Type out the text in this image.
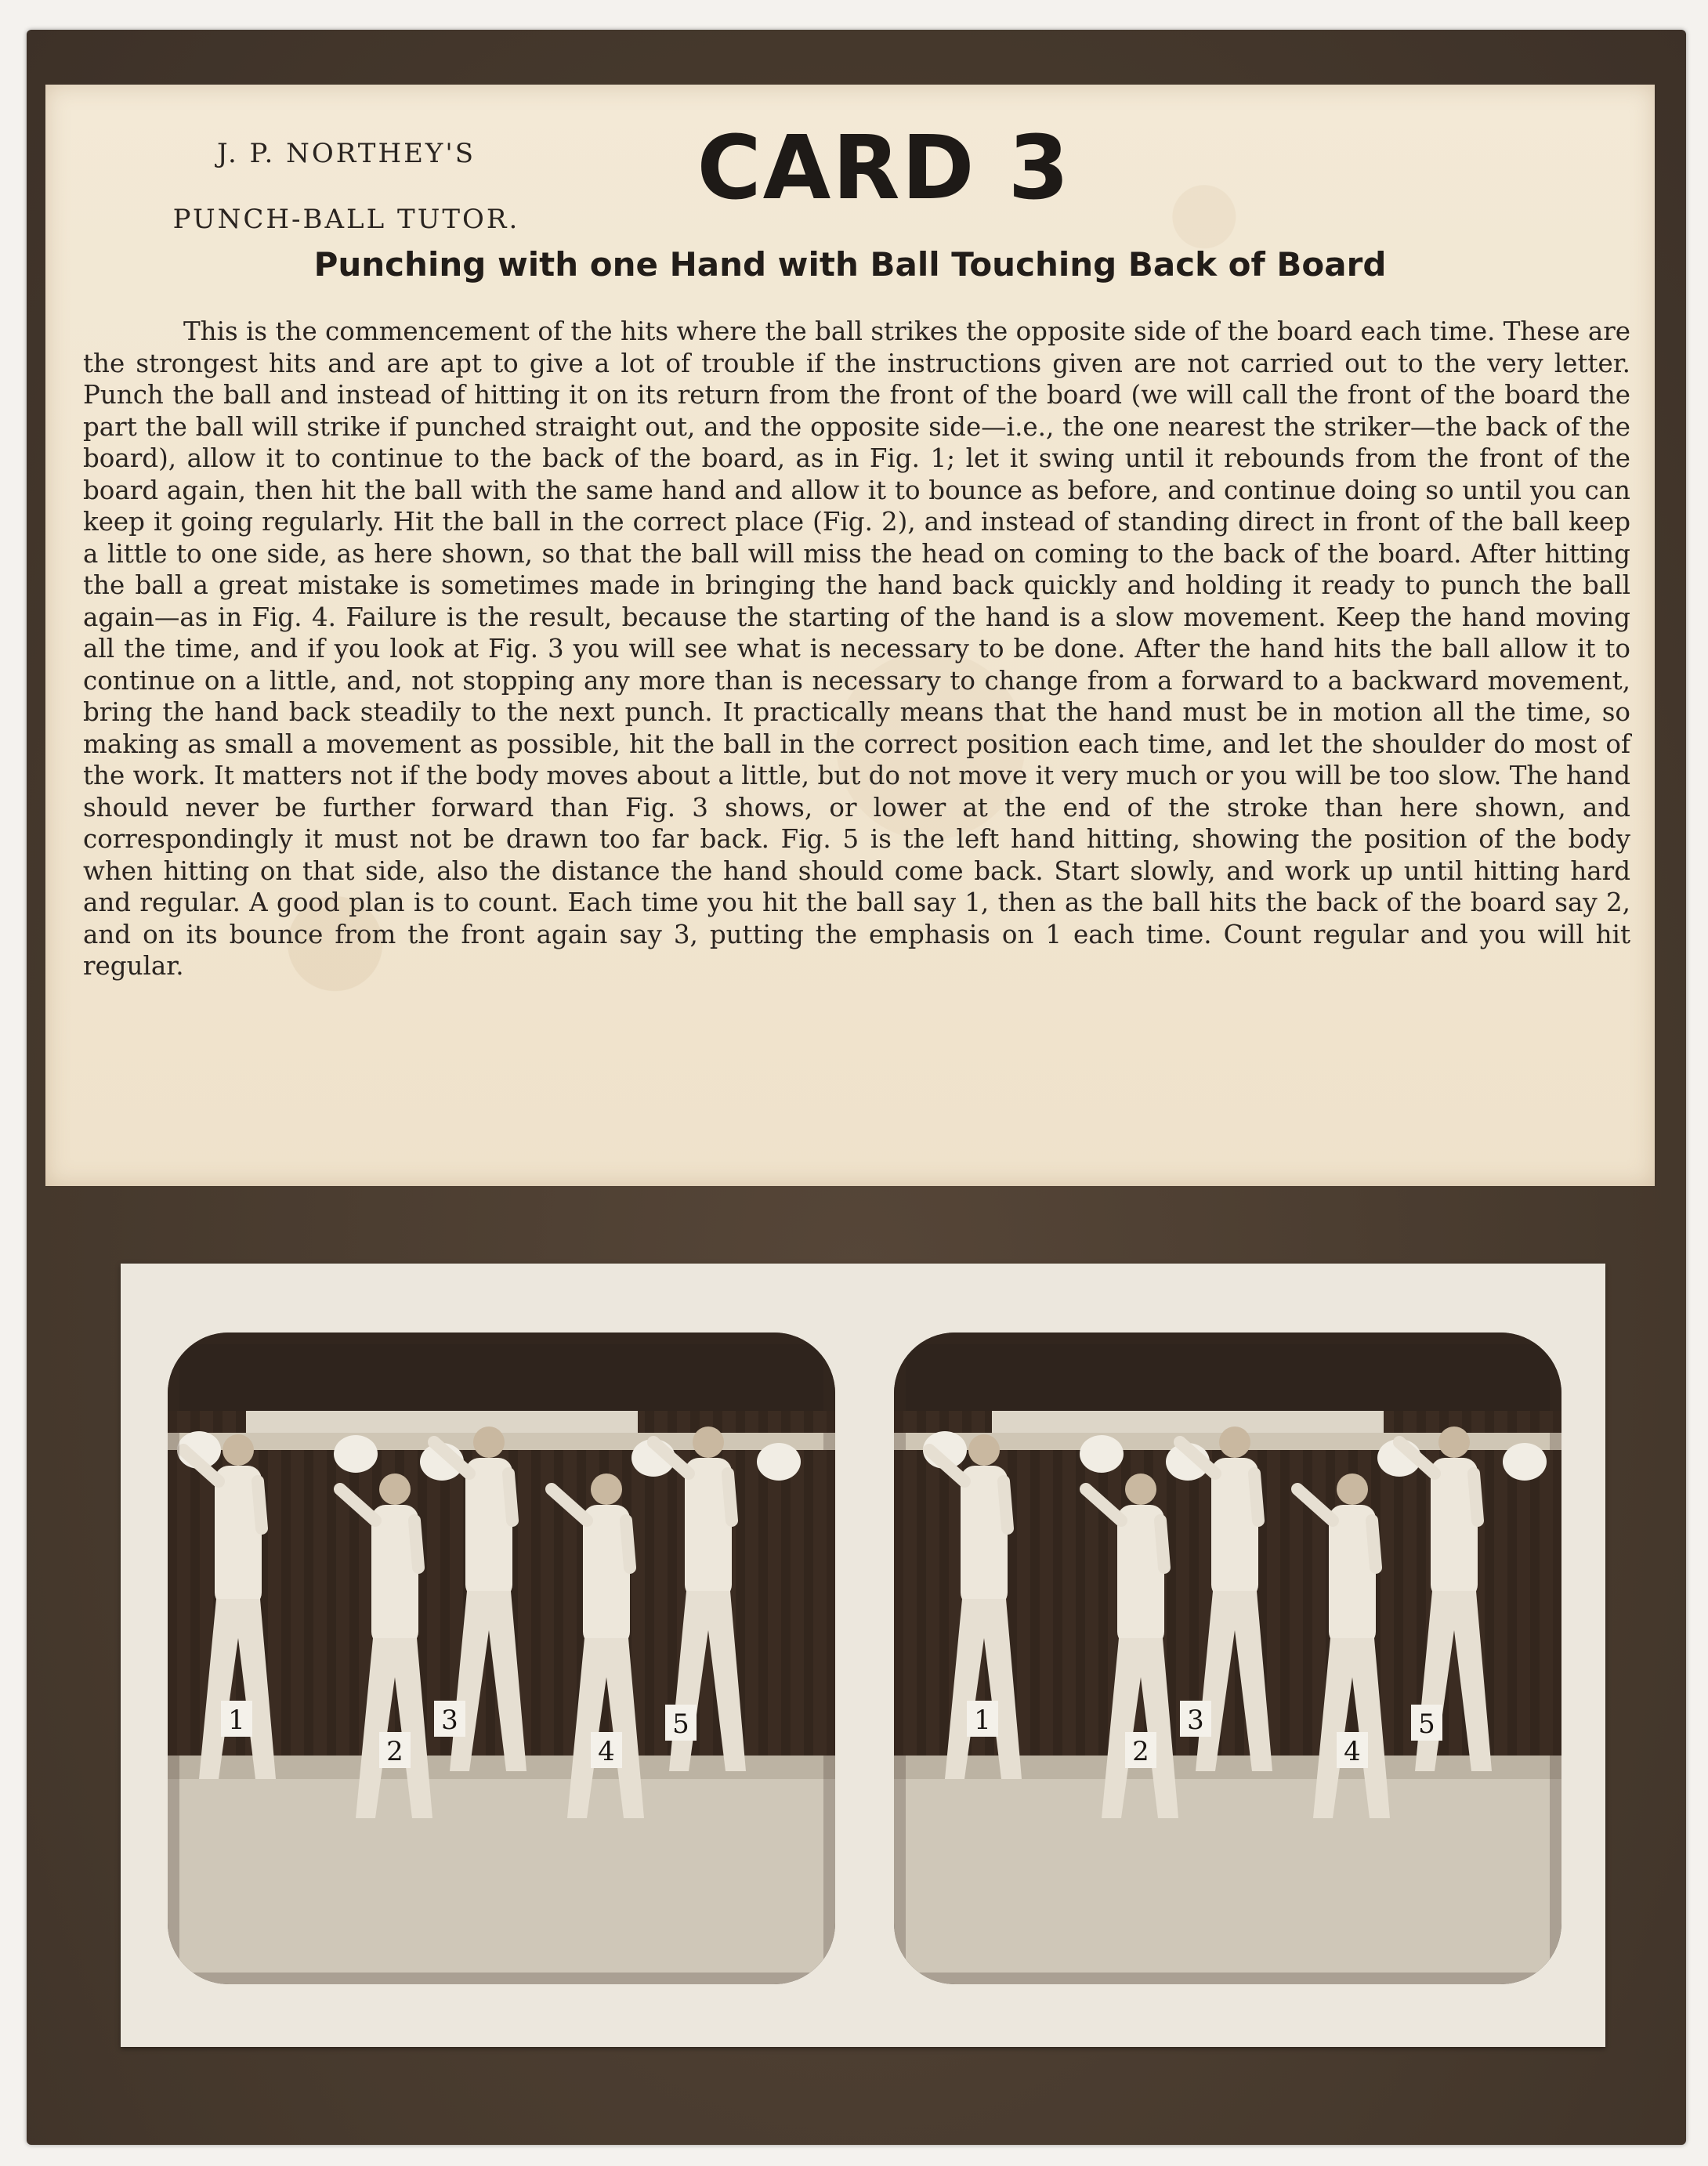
J. P. NORTHEY'S
PUNCH-BALL TUTOR.	CARD 3
Punching with one Hand with Ball Touching Back of Board

This is the commencement of the hits where the ball strikes the opposite side of the board each time. These are the strongest hits and are apt to give a lot of trouble if the instructions given are not carried out to the very letter. Punch the ball and instead of hitting it on its return from the front of the board (we will call the front of the board the part the ball will strike if punched straight out, and the opposite side—i.e., the one nearest the striker—the back of the board), allow it to continue to the back of the board, as in Fig. 1; let it swing until it rebounds from the front of the board again, then hit the ball with the same hand and allow it to bounce as before, and continue doing so until you can keep it going regularly. Hit the ball in the correct place (Fig. 2), and instead of standing direct in front of the ball keep a little to one side, as here shown, so that the ball will miss the head on coming to the back of the board. After hitting the ball a great mistake is sometimes made in bringing the hand back quickly and holding it ready to punch the ball again—as in Fig. 4. Failure is the result, because the starting of the hand is a slow movement. Keep the hand moving all the time, and if you look at Fig. 3 you will see what is necessary to be done. After the hand hits the ball allow it to continue on a little, and, not stopping any more than is necessary to change from a forward to a backward movement, bring the hand back steadily to the next punch. It practically means that the hand must be in motion all the time, so making as small a movement as possible, hit the ball in the correct position each time, and let the shoulder do most of the work. It matters not if the body moves about a little, but do not move it very much or you will be too slow. The hand should never be further forward than Fig. 3 shows, or lower at the end of the stroke than here shown, and correspondingly it must not be drawn too far back. Fig. 5 is the left hand hitting, showing the position of the body when hitting on that side, also the distance the hand should come back. Start slowly, and work up until hitting hard and regular. A good plan is to count. Each time you hit the ball say 1, then as the ball hits the back of the board say 2, and on its bounce from the front again say 3, putting the emphasis on 1 each time. Count regular and you will hit regular.

1
2
3
4
5	1
2
3
4
5
